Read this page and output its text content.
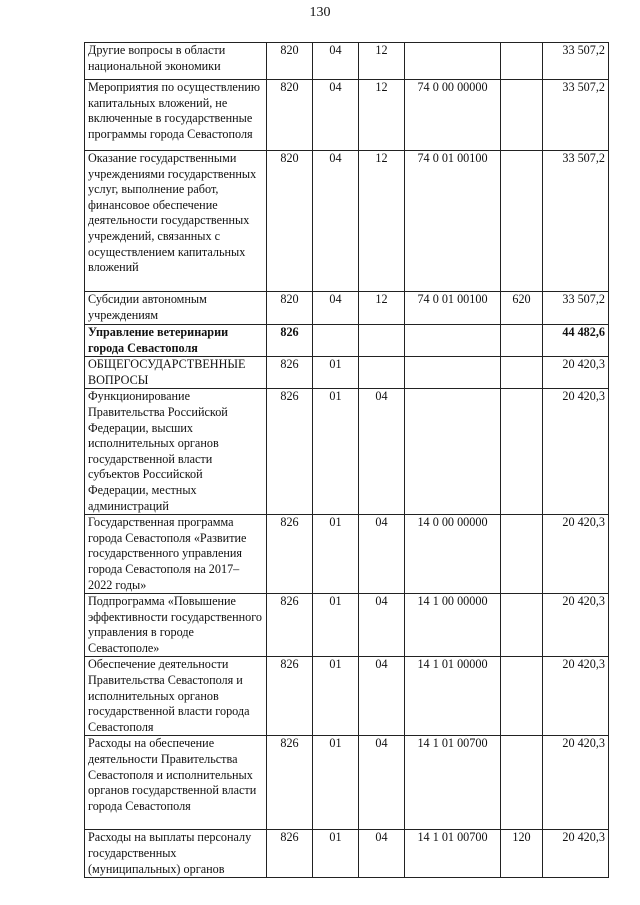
130
Другие вопросы в области национальной экономики	820	04	12			33 507,2
Мероприятия по осуществлению капитальных вложений, не включенные в государственные программы города Севастополя	820	04	12	74 0 00 00000		33 507,2
Оказание государственными учреждениями государственных услуг, выполнение работ, финансовое обеспечение деятельности государственных учреждений, связанных с осуществлением капитальных вложений	820	04	12	74 0 01 00100		33 507,2
Субсидии автономным учреждениям	820	04	12	74 0 01 00100	620	33 507,2
Управление ветеринарии города Севастополя	826					44 482,6
ОБЩЕГОСУДАРСТВЕННЫЕ ВОПРОСЫ	826	01				20 420,3
Функционирование Правительства Российской Федерации, высших исполнительных органов государственной власти субъектов Российской Федерации, местных администраций	826	01	04			20 420,3
Государственная программа города Севастополя «Развитие государственного управления города Севастополя на 2017–2022 годы»	826	01	04	14 0 00 00000		20 420,3
Подпрограмма «Повышение эффективности государственного управления в городе Севастополе»	826	01	04	14 1 00 00000		20 420,3
Обеспечение деятельности Правительства Севастополя и исполнительных органов государственной власти города Севастополя	826	01	04	14 1 01 00000		20 420,3
Расходы на обеспечение деятельности Правительства Севастополя и исполнительных органов государственной власти города Севастополя	826	01	04	14 1 01 00700		20 420,3
Расходы на выплаты персоналу государственных (муниципальных) органов	826	01	04	14 1 01 00700	120	20 420,3
